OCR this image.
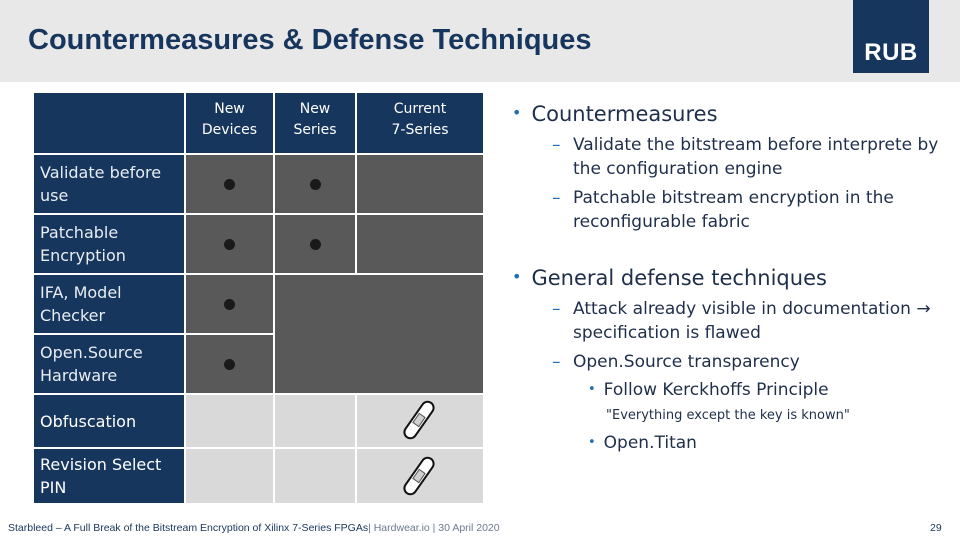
Countermeasures & Defense Techniques	RUB
New
Devices
New
Series
Current
7-Series
Validate before use
Patchable Encryption
IFA, Model Checker
Open.Source Hardware
Obfuscation
Revision Select PIN
• Countermeasures
– Validate the bitstream before interprete by the configuration engine
– Patchable bitstream encryption in the reconfigurable fabric
• General defense techniques
– Attack already visible in documentation → specification is flawed
– Open.Source transparency
• Follow Kerckhoffs Principle
"Everything except the key is known"
• Open.Titan
Starbleed – A Full Break of the Bitstream Encryption of Xilinx 7-Series FPGAs| Hardwear.io | 30 April 2020	29
